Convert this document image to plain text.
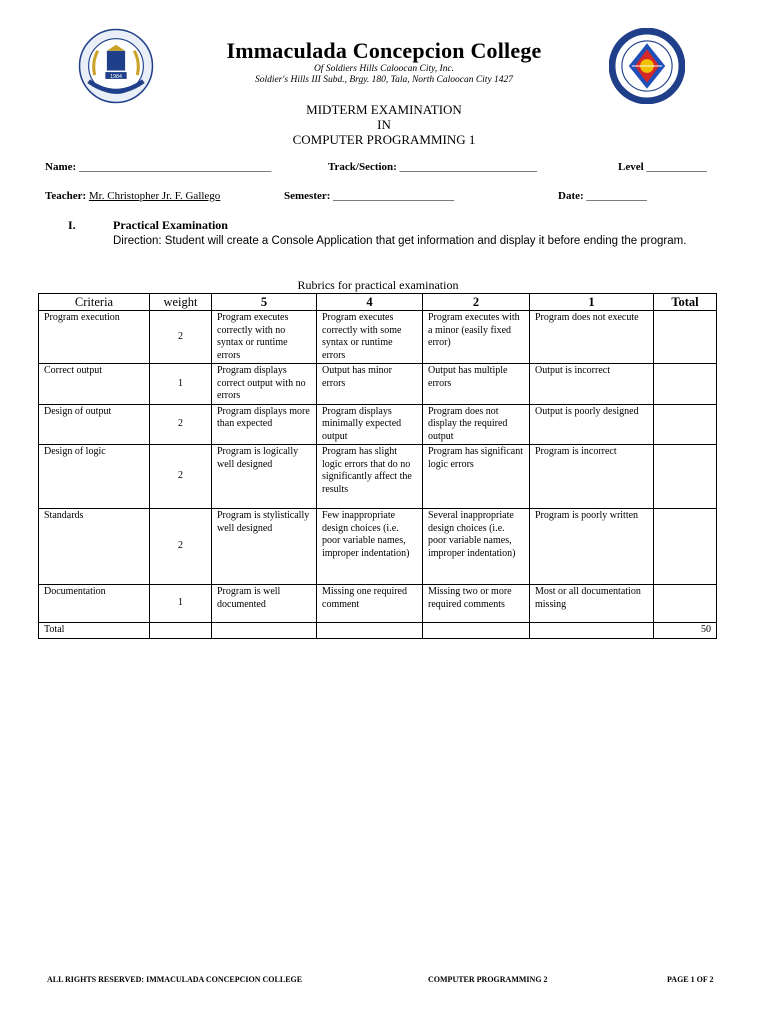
1984
Immaculada Concepcion College
Of Soldiers Hills Caloocan City, Inc.
Soldier's Hills III Subd., Brgy. 180, Tala, North Caloocan City 1427
MIDTERM EXAMINATION
IN
COMPUTER PROGRAMMING 1
Name: ___________________________________	Track/Section: _________________________	Level ___________
Teacher: Mr. Christopher Jr. F. Gallego	Semester: ______________________	Date: ___________
I.	Practical Examination
Direction: Student will create a Console Application that get information and display it before ending the program.
Rubrics for practical examination
Criteria	weight	5	4	2	1	Total
Program execution	2	Program executes correctly with no syntax or runtime errors	Program executes correctly with some syntax or runtime errors	Program executes with a minor (easily fixed error)	Program does not execute	
Correct output	1	Program displays correct output with no errors	Output has minor errors	Output has multiple errors	Output is incorrect	
Design of output	2	Program displays more than expected	Program displays minimally expected output	Program does not display the required output	Output is poorly designed	
Design of logic	2	Program is logically well designed	Program has slight logic errors that do no significantly affect the results	Program has significant logic errors	Program is incorrect	
Standards	2	Program is stylistically well designed	Few inappropriate design choices (i.e. poor variable names, improper indentation)	Several inappropriate design choices (i.e. poor variable names, improper indentation)	Program is poorly written	
Documentation	1	Program is well documented	Missing one required comment	Missing two or more required comments	Most or all documentation missing	
Total						50
ALL RIGHTS RESERVED: IMMACULADA CONCEPCION COLLEGE	COMPUTER PROGRAMMING 2	PAGE 1 OF 2
